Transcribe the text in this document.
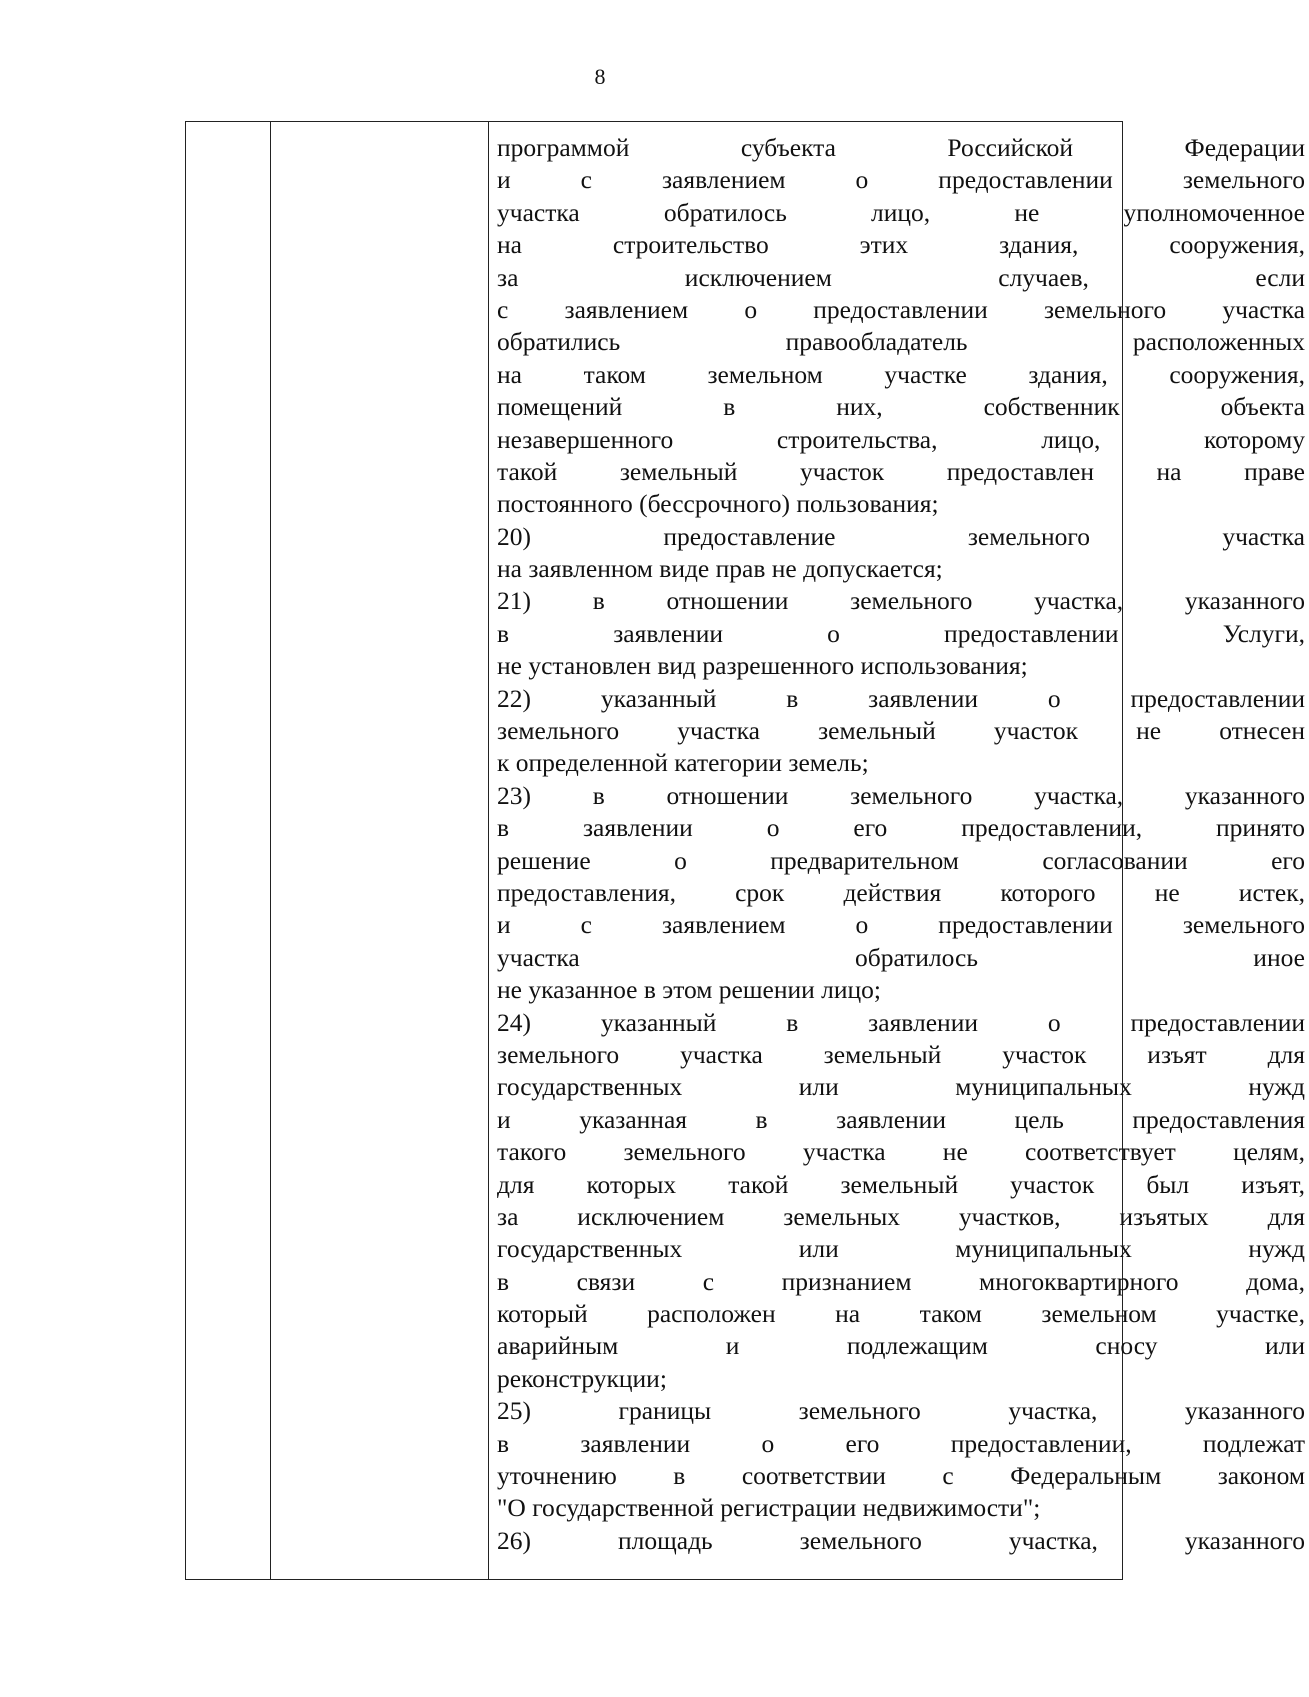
8
программой субъекта Российской Федерации
и с заявлением о предоставлении земельного
участка обратилось лицо, не уполномоченное
на строительство этих здания, сооружения,
за исключением случаев, если
с заявлением о предоставлении земельного участка
обратились правообладатель расположенных
на таком земельном участке здания, сооружения,
помещений в них, собственник объекта
незавершенного строительства, лицо, которому
такой земельный участок предоставлен на праве
постоянного (бессрочного) пользования;
20) предоставление земельного участка
на заявленном виде прав не допускается;
21) в отношении земельного участка, указанного
в заявлении о предоставлении Услуги,
не установлен вид разрешенного использования;
22) указанный в заявлении о предоставлении
земельного участка земельный участок не отнесен
к определенной категории земель;
23) в отношении земельного участка, указанного
в заявлении о его предоставлении, принято
решение о предварительном согласовании его
предоставления, срок действия которого не истек,
и с заявлением о предоставлении земельного
участка обратилось иное
не указанное в этом решении лицо;
24) указанный в заявлении о предоставлении
земельного участка земельный участок изъят для
государственных или муниципальных нужд
и указанная в заявлении цель предоставления
такого земельного участка не соответствует целям,
для которых такой земельный участок был изъят,
за исключением земельных участков, изъятых для
государственных или муниципальных нужд
в связи с признанием многоквартирного дома,
который расположен на таком земельном участке,
аварийным и подлежащим сносу или
реконструкции;
25) границы земельного участка, указанного
в заявлении о его предоставлении, подлежат
уточнению в соответствии с Федеральным законом
"О государственной регистрации недвижимости";
26) площадь земельного участка, указанного
